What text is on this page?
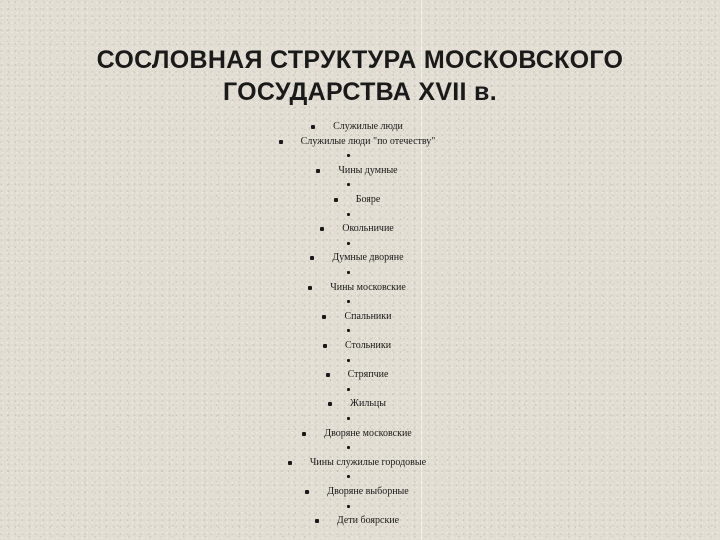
СОСЛОВНАЯ СТРУКТУРА МОСКОВСКОГО
ГОСУДАРСТВА XVII в.
Служилые люди
Служилые люди "по отечеству"
Чины думные
Бояре
Окольничие
Думные дворяне
Чины московские
Спальники
Стольники
Стряпчие
Жильцы
Дворяне московские
Чины служилые городовые
Дворяне выборные
Дети боярские
